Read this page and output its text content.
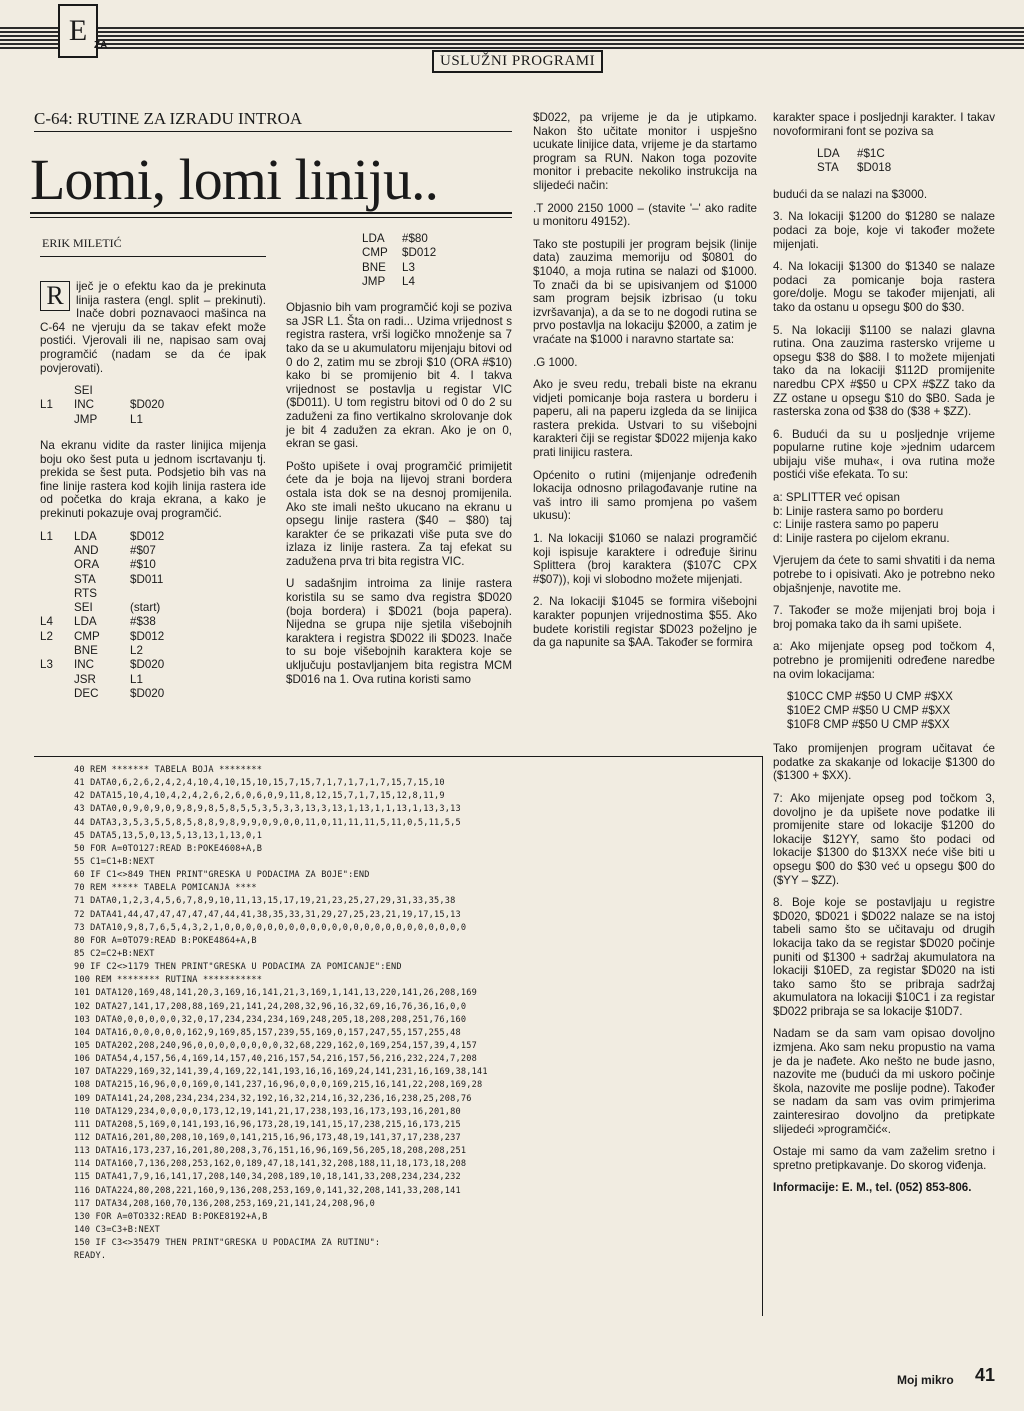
E ZA
USLUŽNI PROGRAMI
C-64: RUTINE ZA IZRADU INTROA
Lomi, lomi liniju..
ERIK MILETIĆ

R	iječ je o efektu kao da je prekinuta linija rastera (engl. split – prekinuti). Inače dobri poznavaoci mašinca na C-64 ne vjeruju da se takav efekt može postići. Vjerovali ili ne, napisao sam ovaj programčić (nadam se da će ipak povjerovati).

SEI
L1	INC	$D020
JMP	L1

Na ekranu vidite da raster linijica mijenja boju oko šest puta u jednom iscrtavanju tj. prekida se šest puta. Podsjetio bih vas na fine linije rastera kod kojih linija rastera ide od početka do kraja ekrana, a kako je prekinuti pokazuje ovaj programčić.

L1	LDA	$D012
AND	#$07
ORA	#$10
STA	$D011
RTS
SEI	(start)
L4	LDA	#$38
L2	CMP	$D012
BNE	L2
L3	INC	$D020
JSR	L1
DEC	$D020
LDA	#$80
CMP	$D012
BNE	L3
JMP	L4

Objasnio bih vam programčić koji se poziva sa JSR L1. Šta on radi... Uzima vrijednost s registra rastera, vrši logičko množenje sa 7 tako da se u akumulatoru mijenjaju bitovi od 0 do 2, zatim mu se zbroji $10 (ORA #$10) kako bi se promijenio bit 4. I takva vrijednost se postavlja u registar VIC ($D011). U tom registru bitovi od 0 do 2 su zaduženi za fino vertikalno skrolovanje dok je bit 4 zadužen za ekran. Ako je on 0, ekran se gasi.

Pošto upišete i ovaj programčić primijetit ćete da je boja na lijevoj strani bordera ostala ista dok se na desnoj promijenila. Ako ste imali nešto ukucano na ekranu u opsegu linije rastera ($40 – $80) taj karakter će se prikazati više puta sve do izlaza iz linije rastera. Za taj efekat su zadužena prva tri bita registra VIC.

U sadašnjim introima za linije rastera koristila su se samo dva registra $D020 (boja bordera) i $D021 (boja papera). Nijedna se grupa nije sjetila višebojnih karaktera i registra $D022 ili $D023. Inače to su boje višebojnih karaktera koje se uključuju postavljanjem bita registra MCM $D016 na 1. Ova rutina koristi samo

$D022, pa vrijeme je da je utipkamo. Nakon što učitate monitor i uspješno ucukate linijice data, vrijeme je da startamo program sa RUN. Nakon toga pozovite monitor i prebacite nekoliko instrukcija na slijedeći način:

.T 2000 2150 1000 – (stavite '–' ako radite u monitoru 49152).

Tako ste postupili jer program bejsik (linije data) zauzima memoriju od $0801 do $1040, a moja rutina se nalazi od $1000. To znači da bi se upisivanjem od $1000 sam program bejsik izbrisao (u toku izvršavanja), a da se to ne dogodi rutina se prvo postavlja na lokaciju $2000, a zatim je vraćate na $1000 i naravno startate sa:

.G 1000.

Ako je sveu redu, trebali biste na ekranu vidjeti pomicanje boja rastera u borderu i paperu, ali na paperu izgleda da se linijica rastera prekida. Ustvari to su višebojni karakteri čiji se registar $D022 mijenja kako prati linijicu rastera.

Općenito o rutini (mijenjanje određenih lokacija odnosno prilagođavanje rutine na vaš intro ili samo promjena po vašem ukusu):

1. Na lokaciji $1060 se nalazi programčić koji ispisuje karaktere i određuje širinu Splittera (broj karaktera ($107C CPX #$07)), koji vi slobodno možete mijenjati.

2. Na lokaciji $1045 se formira višebojni karakter popunjen vrijednostima $55. Ako budete koristili registar $D023 poželjno je da ga napunite sa $AA. Također se formira

karakter space i posljednji karakter. I takav novoformirani font se poziva sa

LDA	#$1C
STA	$D018

budući da se nalazi na $3000.

3. Na lokaciji $1200 do $1280 se nalaze podaci za boje, koje vi također možete mijenjati.

4. Na lokaciji $1300 do $1340 se nalaze podaci za pomicanje boja rastera gore/dolje. Mogu se također mijenjati, ali tako da ostanu u opsegu $00 do $30.

5. Na lokaciji $1100 se nalazi glavna rutina. Ona zauzima rastersko vrijeme u opsegu $38 do $88. I to možete mijenjati tako da na lokaciji $112D promijenite naredbu CPX #$50 u CPX #$ZZ tako da ZZ ostane u opsegu $10 do $B0. Sada je rasterska zona od $38 do ($38 + $ZZ).

6. Budući da su u posljednje vrijeme popularne rutine koje »jednim udarcem ubijaju više muha«, i ova rutina može postići više efekata. To su:

a: SPLITTER već opisan
b: Linije rastera samo po borderu
c: Linije rastera samo po paperu
d: Linije rastera po cijelom ekranu.

Vjerujem da ćete to sami shvatiti i da nema potrebe to i opisivati. Ako je potrebno neko objašnjenje, navotite me.

7. Također se može mijenjati broj boja i broj pomaka tako da ih sami upišete.

a: Ako mijenjate opseg pod točkom 4, potrebno je promijeniti određene naredbe na ovim lokacijama:

$10CC CMP #$50 U CMP #$XX
$10E2 CMP #$50 U CMP #$XX
$10F8 CMP #$50 U CMP #$XX

Tako promijenjen program učitavat će podatke za skakanje od lokacije $1300 do ($1300 + $XX).

7: Ako mijenjate opseg pod točkom 3, dovoljno je da upišete nove podatke ili promijenite stare od lokacije $1200 do lokacije $12YY, samo što podaci od lokacije $1300 do $13XX neće više biti u opsegu $00 do $30 već u opsegu $00 do ($YY – $ZZ).

8. Boje koje se postavljaju u registre $D020, $D021 i $D022 nalaze se na istoj tabeli samo što se učitavaju od drugih lokacija tako da se registar $D020 počinje puniti od $1300 + sadržaj akumulatora na lokaciji $10ED, za registar $D020 na isti tako samo što se pribraja sadržaj akumulatora na lokaciji $10C1 i za registar $D022 pribraja se sa lokacije $10D7.

Nadam se da sam vam opisao dovoljno izmjena. Ako sam neku propustio na vama je da je nađete. Ako nešto ne bude jasno, nazovite me (budući da mi uskoro počinje škola, nazovite me poslije podne). Također se nadam da sam vas ovim primjerima zainteresirao dovoljno da pretipkate slijedeći »programčić«.

Ostaje mi samo da vam zaželim sretno i spretno pretipkavanje. Do skorog viđenja.

Informacije: E. M., tel. (052) 853-806.

40 REM ******* TABELA BOJA ********
41 DATA0,6,2,6,2,4,2,4,10,4,10,15,10,15,7,15,7,1,7,1,7,1,7,15,7,15,10
42 DATA15,10,4,10,4,2,4,2,6,2,6,0,6,0,9,11,8,12,15,7,1,7,15,12,8,11,9
43 DATA0,0,9,0,9,0,9,8,9,8,5,8,5,5,3,5,3,3,13,3,13,1,13,1,1,13,1,13,3,13
44 DATA3,3,5,3,5,5,8,5,8,8,9,8,9,9,0,9,0,0,11,0,11,11,11,5,11,0,5,11,5,5
45 DATA5,13,5,0,13,5,13,13,1,13,0,1
50 FOR A=0TO127:READ B:POKE4608+A,B
55 C1=C1+B:NEXT
60 IF C1<>849 THEN PRINT"GRESKA U PODACIMA ZA BOJE":END
70 REM ***** TABELA POMICANJA ****
71 DATA0,1,2,3,4,5,6,7,8,9,10,11,13,15,17,19,21,23,25,27,29,31,33,35,38
72 DATA41,44,47,47,47,47,47,44,41,38,35,33,31,29,27,25,23,21,19,17,15,13
73 DATA10,9,8,7,6,5,4,3,2,1,0,0,0,0,0,0,0,0,0,0,0,0,0,0,0,0,0,0,0,0,0,0,0
80 FOR A=0TO79:READ B:POKE4864+A,B
85 C2=C2+B:NEXT
90 IF C2<>1179 THEN PRINT"GRESKA U PODACIMA ZA POMICANJE":END
100 REM ******** RUTINA ***********
101 DATA120,169,48,141,20,3,169,16,141,21,3,169,1,141,13,220,141,26,208,169
102 DATA27,141,17,208,88,169,21,141,24,208,32,96,16,32,69,16,76,36,16,0,0
103 DATA0,0,0,0,0,0,32,0,17,234,234,234,169,248,205,18,208,208,251,76,160
104 DATA16,0,0,0,0,0,162,9,169,85,157,239,55,169,0,157,247,55,157,255,48
105 DATA202,208,240,96,0,0,0,0,0,0,0,0,32,68,229,162,0,169,254,157,39,4,157
106 DATA54,4,157,56,4,169,14,157,40,216,157,54,216,157,56,216,232,224,7,208
107 DATA229,169,32,141,39,4,169,22,141,193,16,16,169,24,141,231,16,169,38,141
108 DATA215,16,96,0,0,169,0,141,237,16,96,0,0,0,169,215,16,141,22,208,169,28
109 DATA141,24,208,234,234,234,32,192,16,32,214,16,32,236,16,238,25,208,76
110 DATA129,234,0,0,0,0,173,12,19,141,21,17,238,193,16,173,193,16,201,80
111 DATA208,5,169,0,141,193,16,96,173,28,19,141,15,17,238,215,16,173,215
112 DATA16,201,80,208,10,169,0,141,215,16,96,173,48,19,141,37,17,238,237
113 DATA16,173,237,16,201,80,208,3,76,151,16,96,169,56,205,18,208,208,251
114 DATA160,7,136,208,253,162,0,189,47,18,141,32,208,188,11,18,173,18,208
115 DATA41,7,9,16,141,17,208,140,34,208,189,10,18,141,33,208,234,234,232
116 DATA224,80,208,221,160,9,136,208,253,169,0,141,32,208,141,33,208,141
117 DATA34,208,160,70,136,208,253,169,21,141,24,208,96,0
130 FOR A=0TO332:READ B:POKE8192+A,B
140 C3=C3+B:NEXT
150 IF C3<>35479 THEN PRINT"GRESKA U PODACIMA ZA RUTINU":
READY.
Moj mikro 41
